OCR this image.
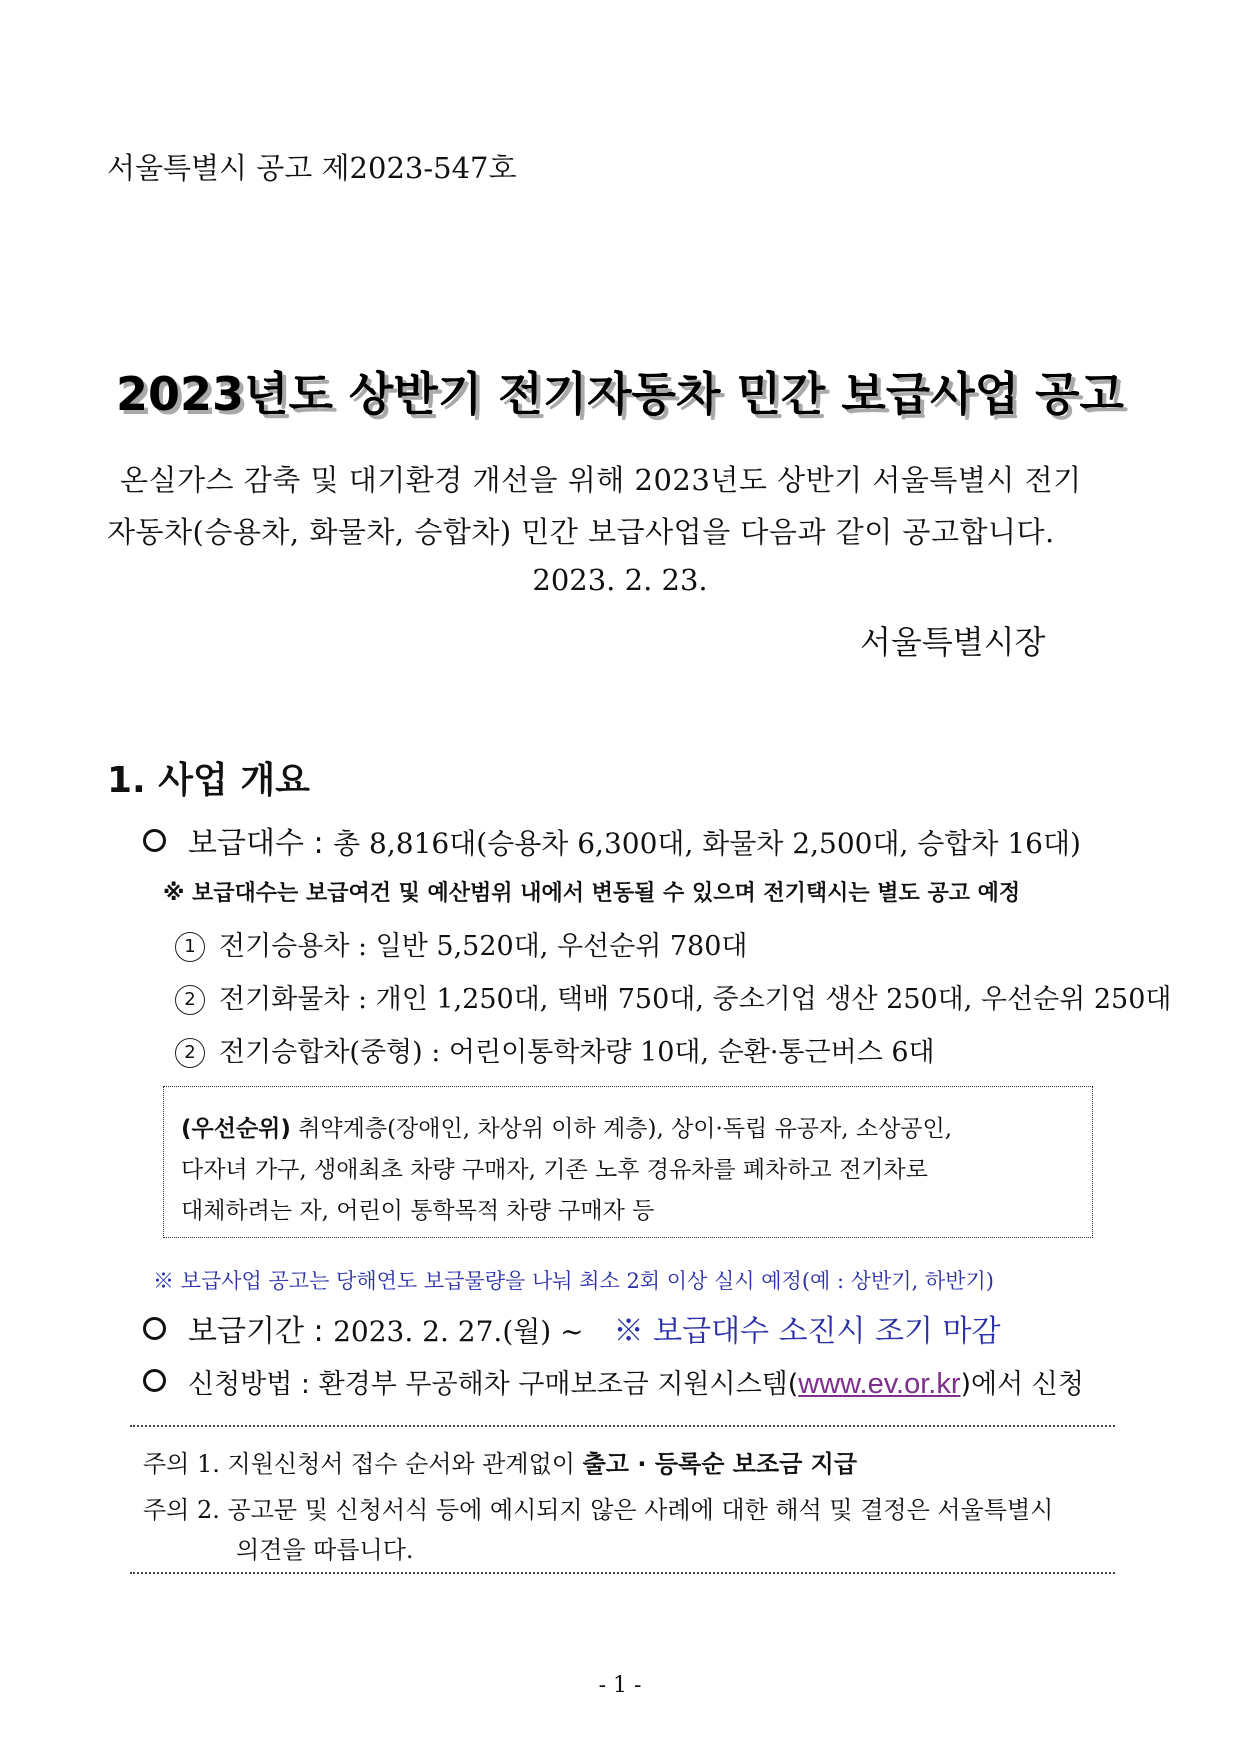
서울특별시 공고 제2023-547호
2023년도 상반기 전기자동차 민간 보급사업 공고
온실가스 감축 및 대기환경 개선을 위해 2023년도 상반기 서울특별시 전기
자동차(승용차, 화물차, 승합차) 민간 보급사업을 다음과 같이 공고합니다.
2023. 2. 23.
서울특별시장
1. 사업 개요
보급대수 : 총 8,816대(승용차 6,300대, 화물차 2,500대, 승합차 16대)
※ 보급대수는 보급여건 및 예산범위 내에서 변동될 수 있으며 전기택시는 별도 공고 예정
1 전기승용차 : 일반 5,520대, 우선순위 780대
2 전기화물차 : 개인 1,250대, 택배 750대, 중소기업 생산 250대, 우선순위 250대
2 전기승합차(중형) : 어린이통학차량 10대, 순환·통근버스 6대
(우선순위) 취약계층(장애인, 차상위 이하 계층), 상이·독립 유공자, 소상공인,
다자녀 가구, 생애최초 차량 구매자, 기존 노후 경유차를 폐차하고 전기차로
대체하려는 자, 어린이 통학목적 차량 구매자 등
※ 보급사업 공고는 당해연도 보급물량을 나눠 최소 2회 이상 실시 예정(예 : 상반기, 하반기)
보급기간 : 2023. 2. 27.(월) ~ ※ 보급대수 소진시 조기 마감
신청방법 : 환경부 무공해차 구매보조금 지원시스템(www.ev.or.kr)에서 신청
주의 1. 지원신청서 접수 순서와 관계없이 출고 · 등록순 보조금 지급
주의 2. 공고문 및 신청서식 등에 예시되지 않은 사례에 대한 해석 및 결정은 서울특별시
의견을 따릅니다.
- 1 -
